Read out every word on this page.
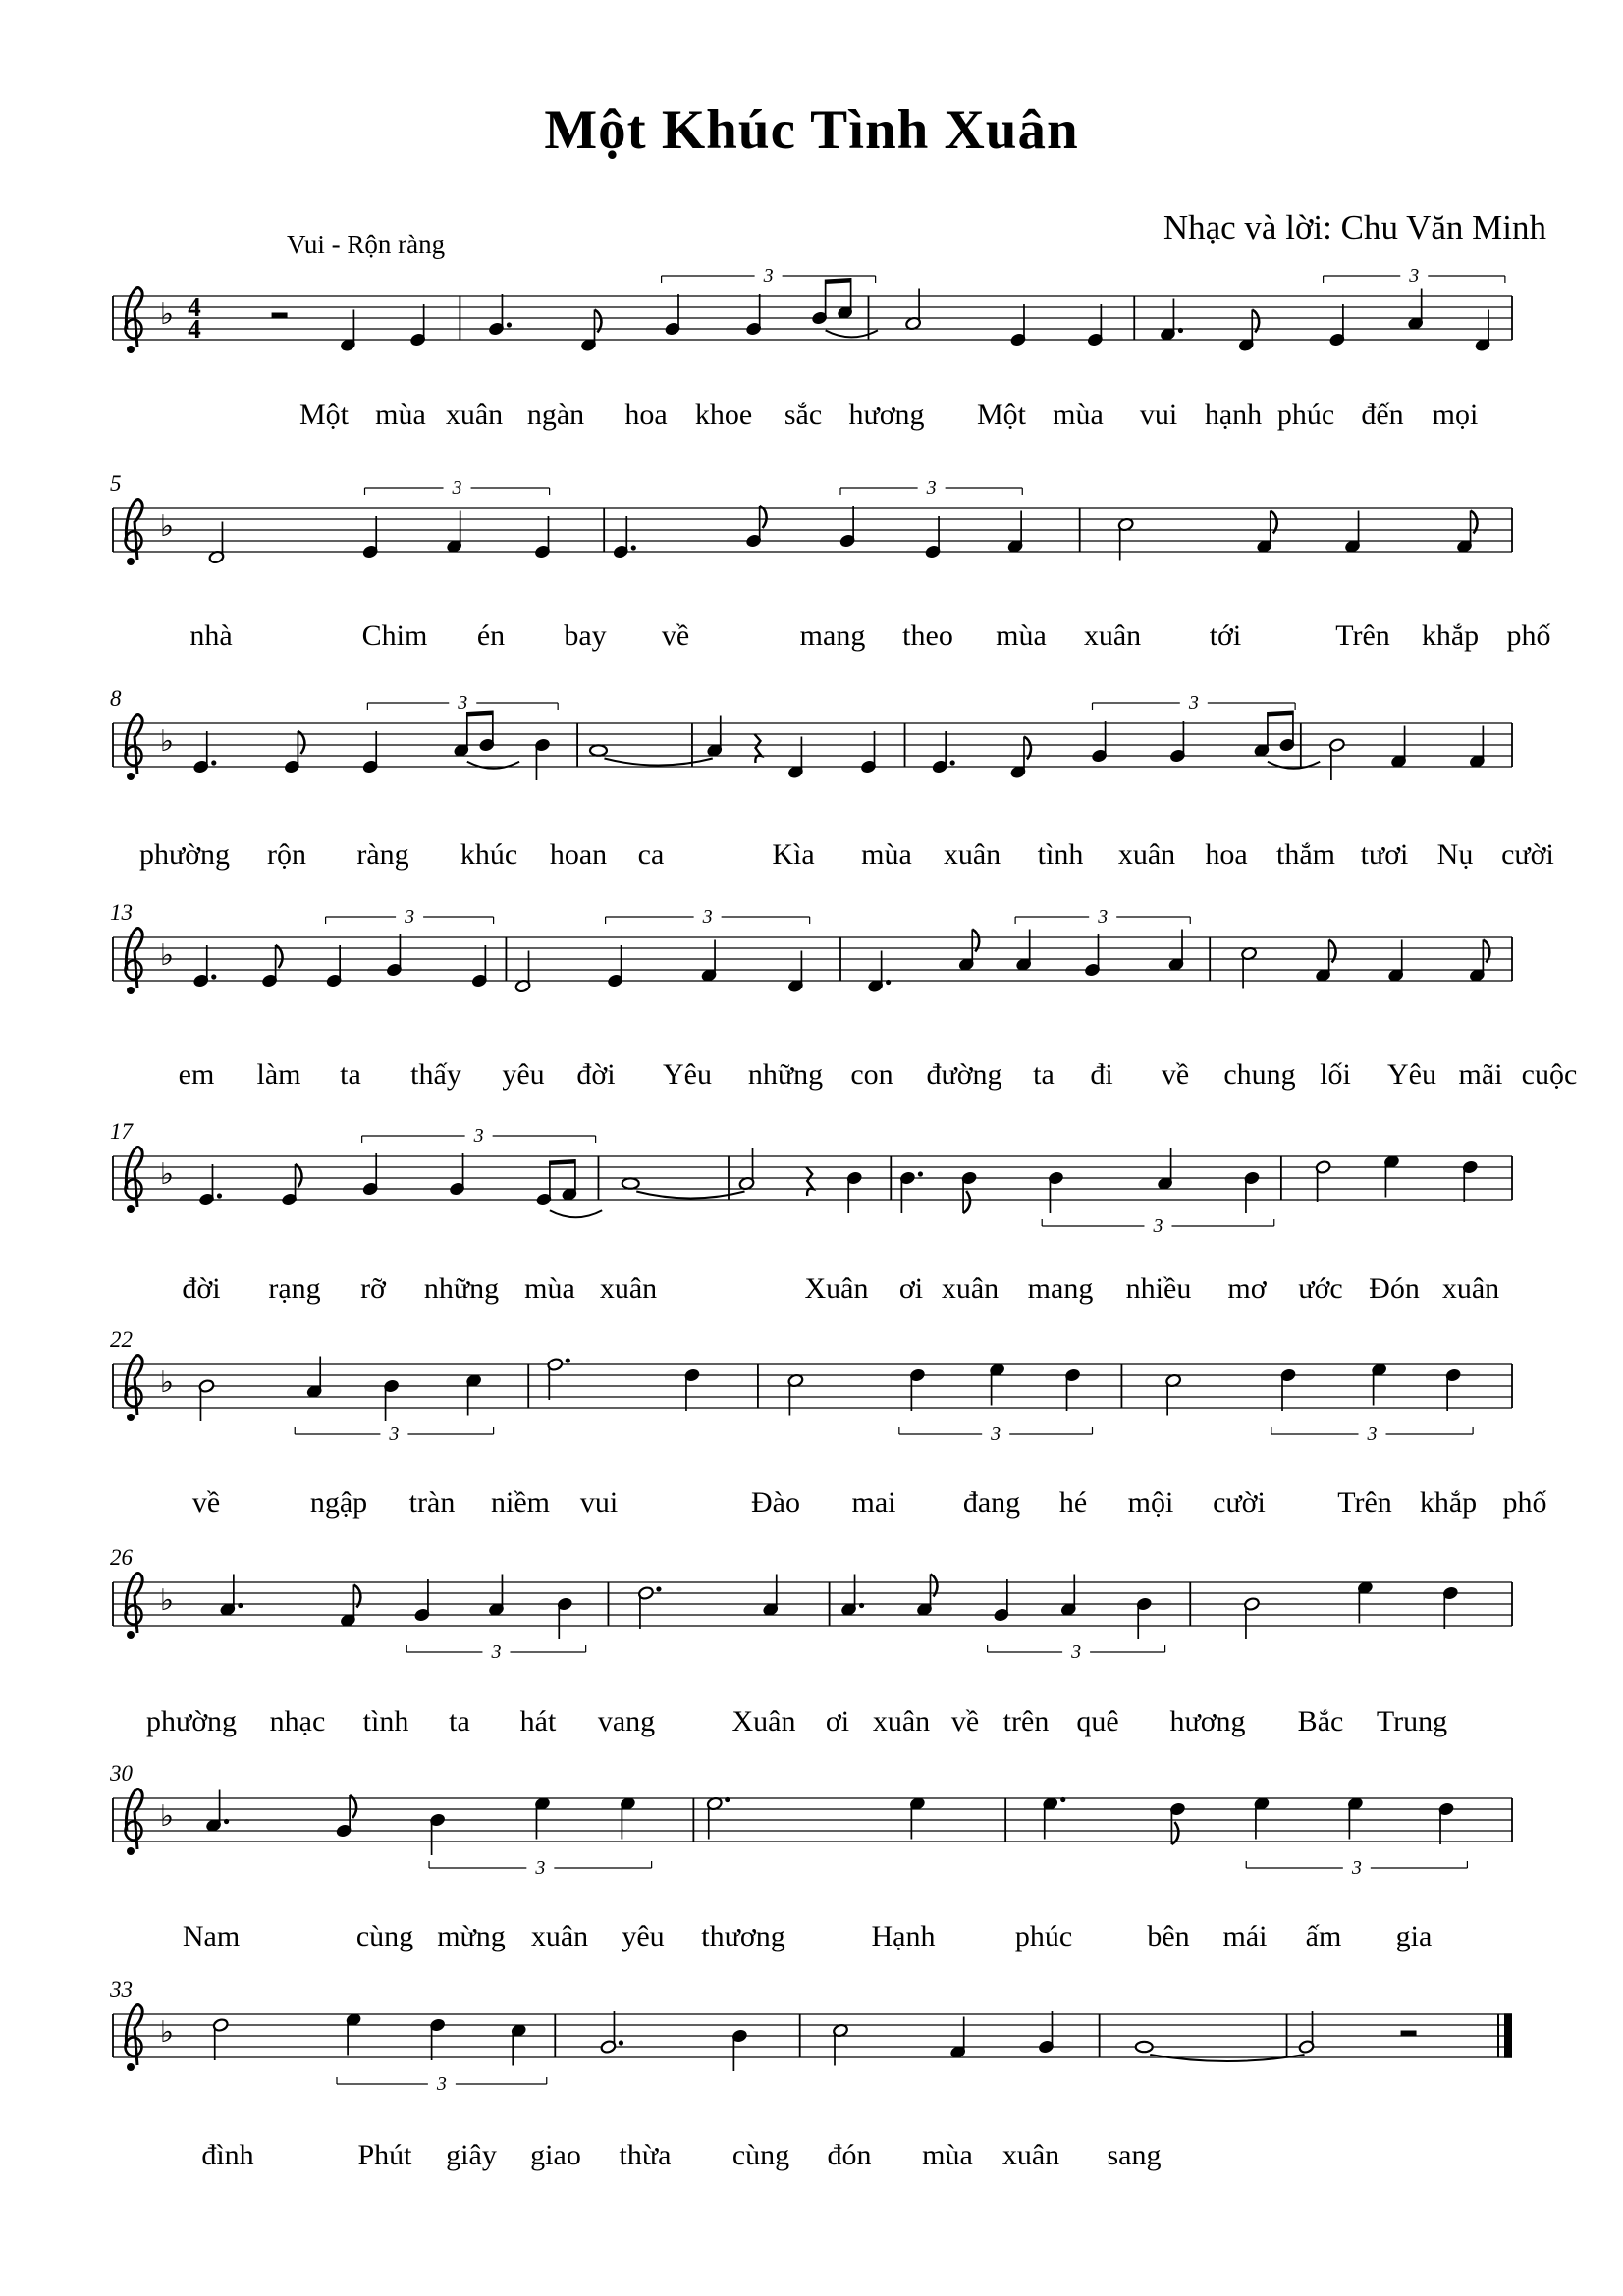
Một Khúc Tình Xuân
Vui - Rộn ràng	Nhạc và lời: Chu Văn Minh
♭ 4
4
3	3
♭
3	3
♭
3	3
♭
3	3	3
♭
3
3
♭
3	3	3
♭
3	3
♭
3	3
♭
3
Một mùa xuân ngàn hoa khoe sắc hương Một mùa vui hạnh phúc đến mọi
5
nhà	Chim én bay về	mang theo mùa xuân tới	Trên khắp phố
8
phường rộn ràng khúc hoan ca	Kìa mùa xuân tình xuân hoa thắm tươi Nụ cười
13
em làm ta thấy yêu đời Yêu những con đường ta đi về chung lối Yêu mãi cuộc
17
đời rạng rỡ những mùa xuân	Xuân ơi xuân mang nhiều mơ ước Đón xuân
22
về	ngập tràn niềm vui	Đào mai đang hé mội cười Trên khắp phố
26
phường nhạc tình ta hát vang	Xuân ơi xuân về trên quê hương Bắc Trung
30
Nam	cùng mừng xuân yêu thương	Hạnh	phúc	bên mái ấm gia
33
đình	Phút giây giao thừa cùng đón mùa xuân sang
